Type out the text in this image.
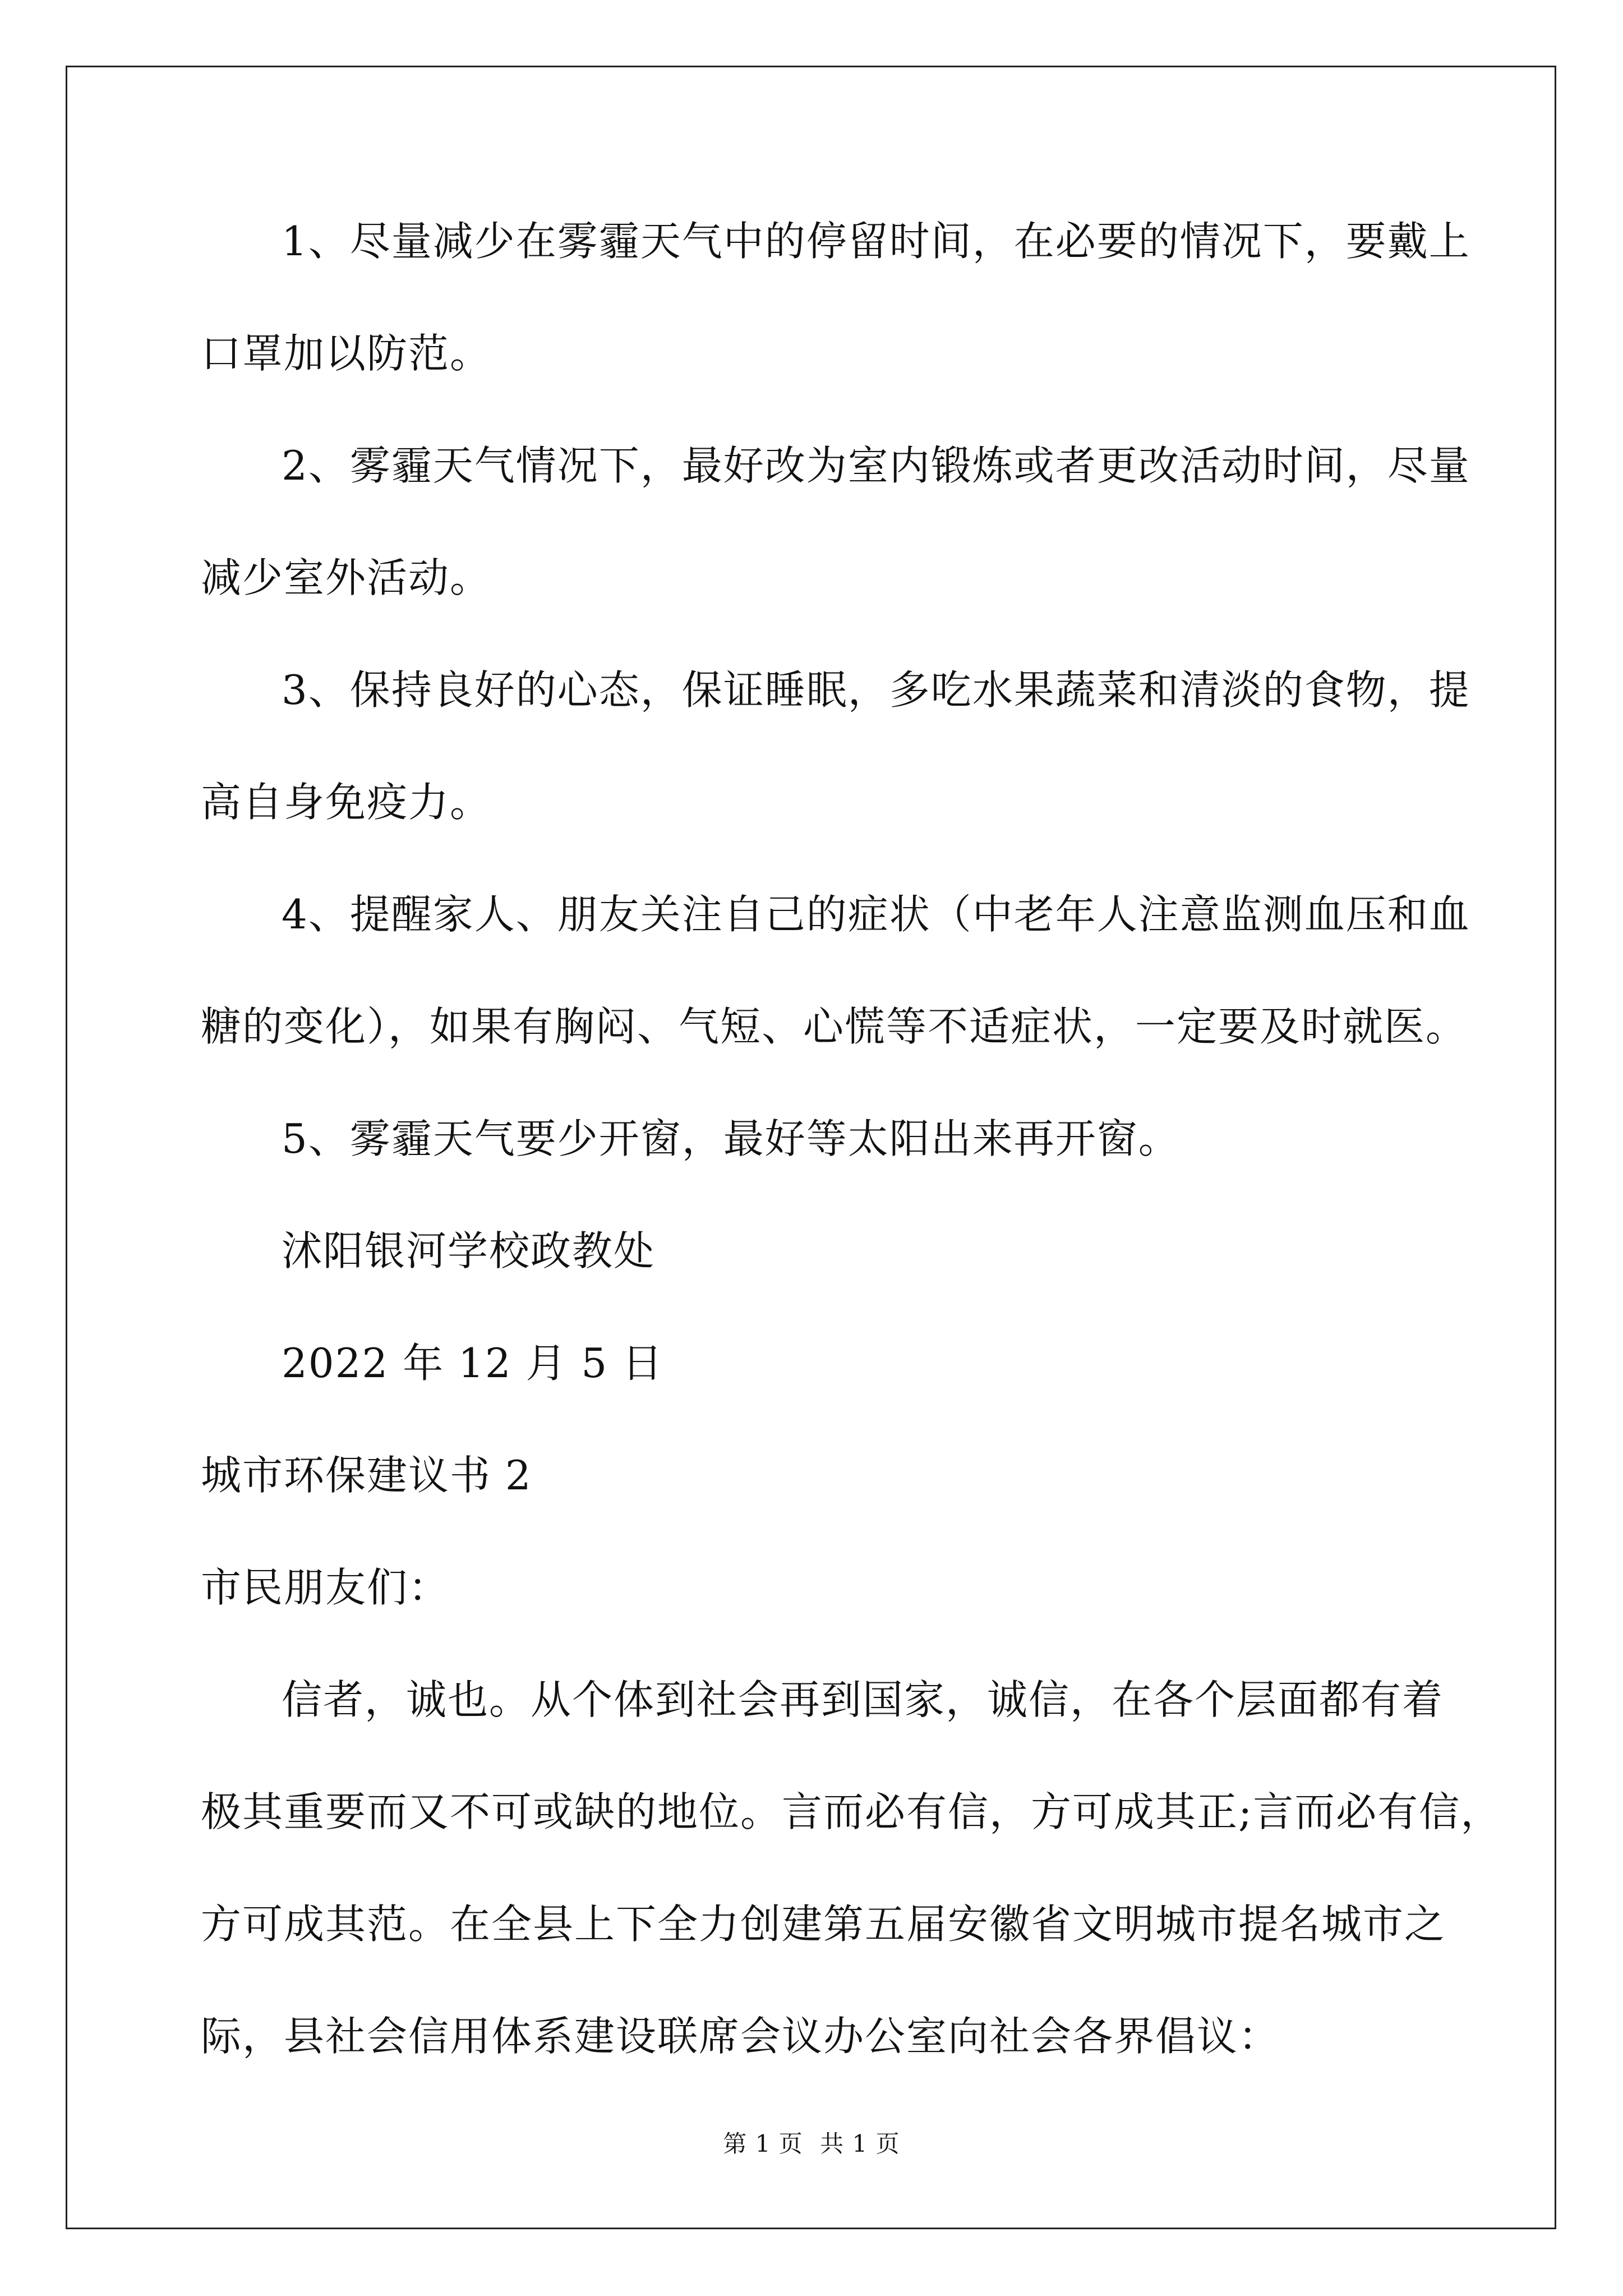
1、尽量减少在雾霾天气中的停留时间，在必要的情况下，要戴上
口罩加以防范。
2、雾霾天气情况下，最好改为室内锻炼或者更改活动时间，尽量
减少室外活动。
3、保持良好的心态，保证睡眠，多吃水果蔬菜和清淡的食物，提
高自身免疫力。
4、提醒家人、朋友关注自己的症状（中老年人注意监测血压和血
糖的变化），如果有胸闷、气短、心慌等不适症状，一定要及时就医。
5、雾霾天气要少开窗，最好等太阳出来再开窗。
沭阳银河学校政教处
2022 年 12 月 5 日
城市环保建议书 2
市民朋友们：
信者，诚也。从个体到社会再到国家，诚信，在各个层面都有着
极其重要而又不可或缺的地位。言而必有信，方可成其正;言而必有信，
方可成其范。在全县上下全力创建第五届安徽省文明城市提名城市之
际，县社会信用体系建设联席会议办公室向社会各界倡议：
第 1 页 共 1 页
